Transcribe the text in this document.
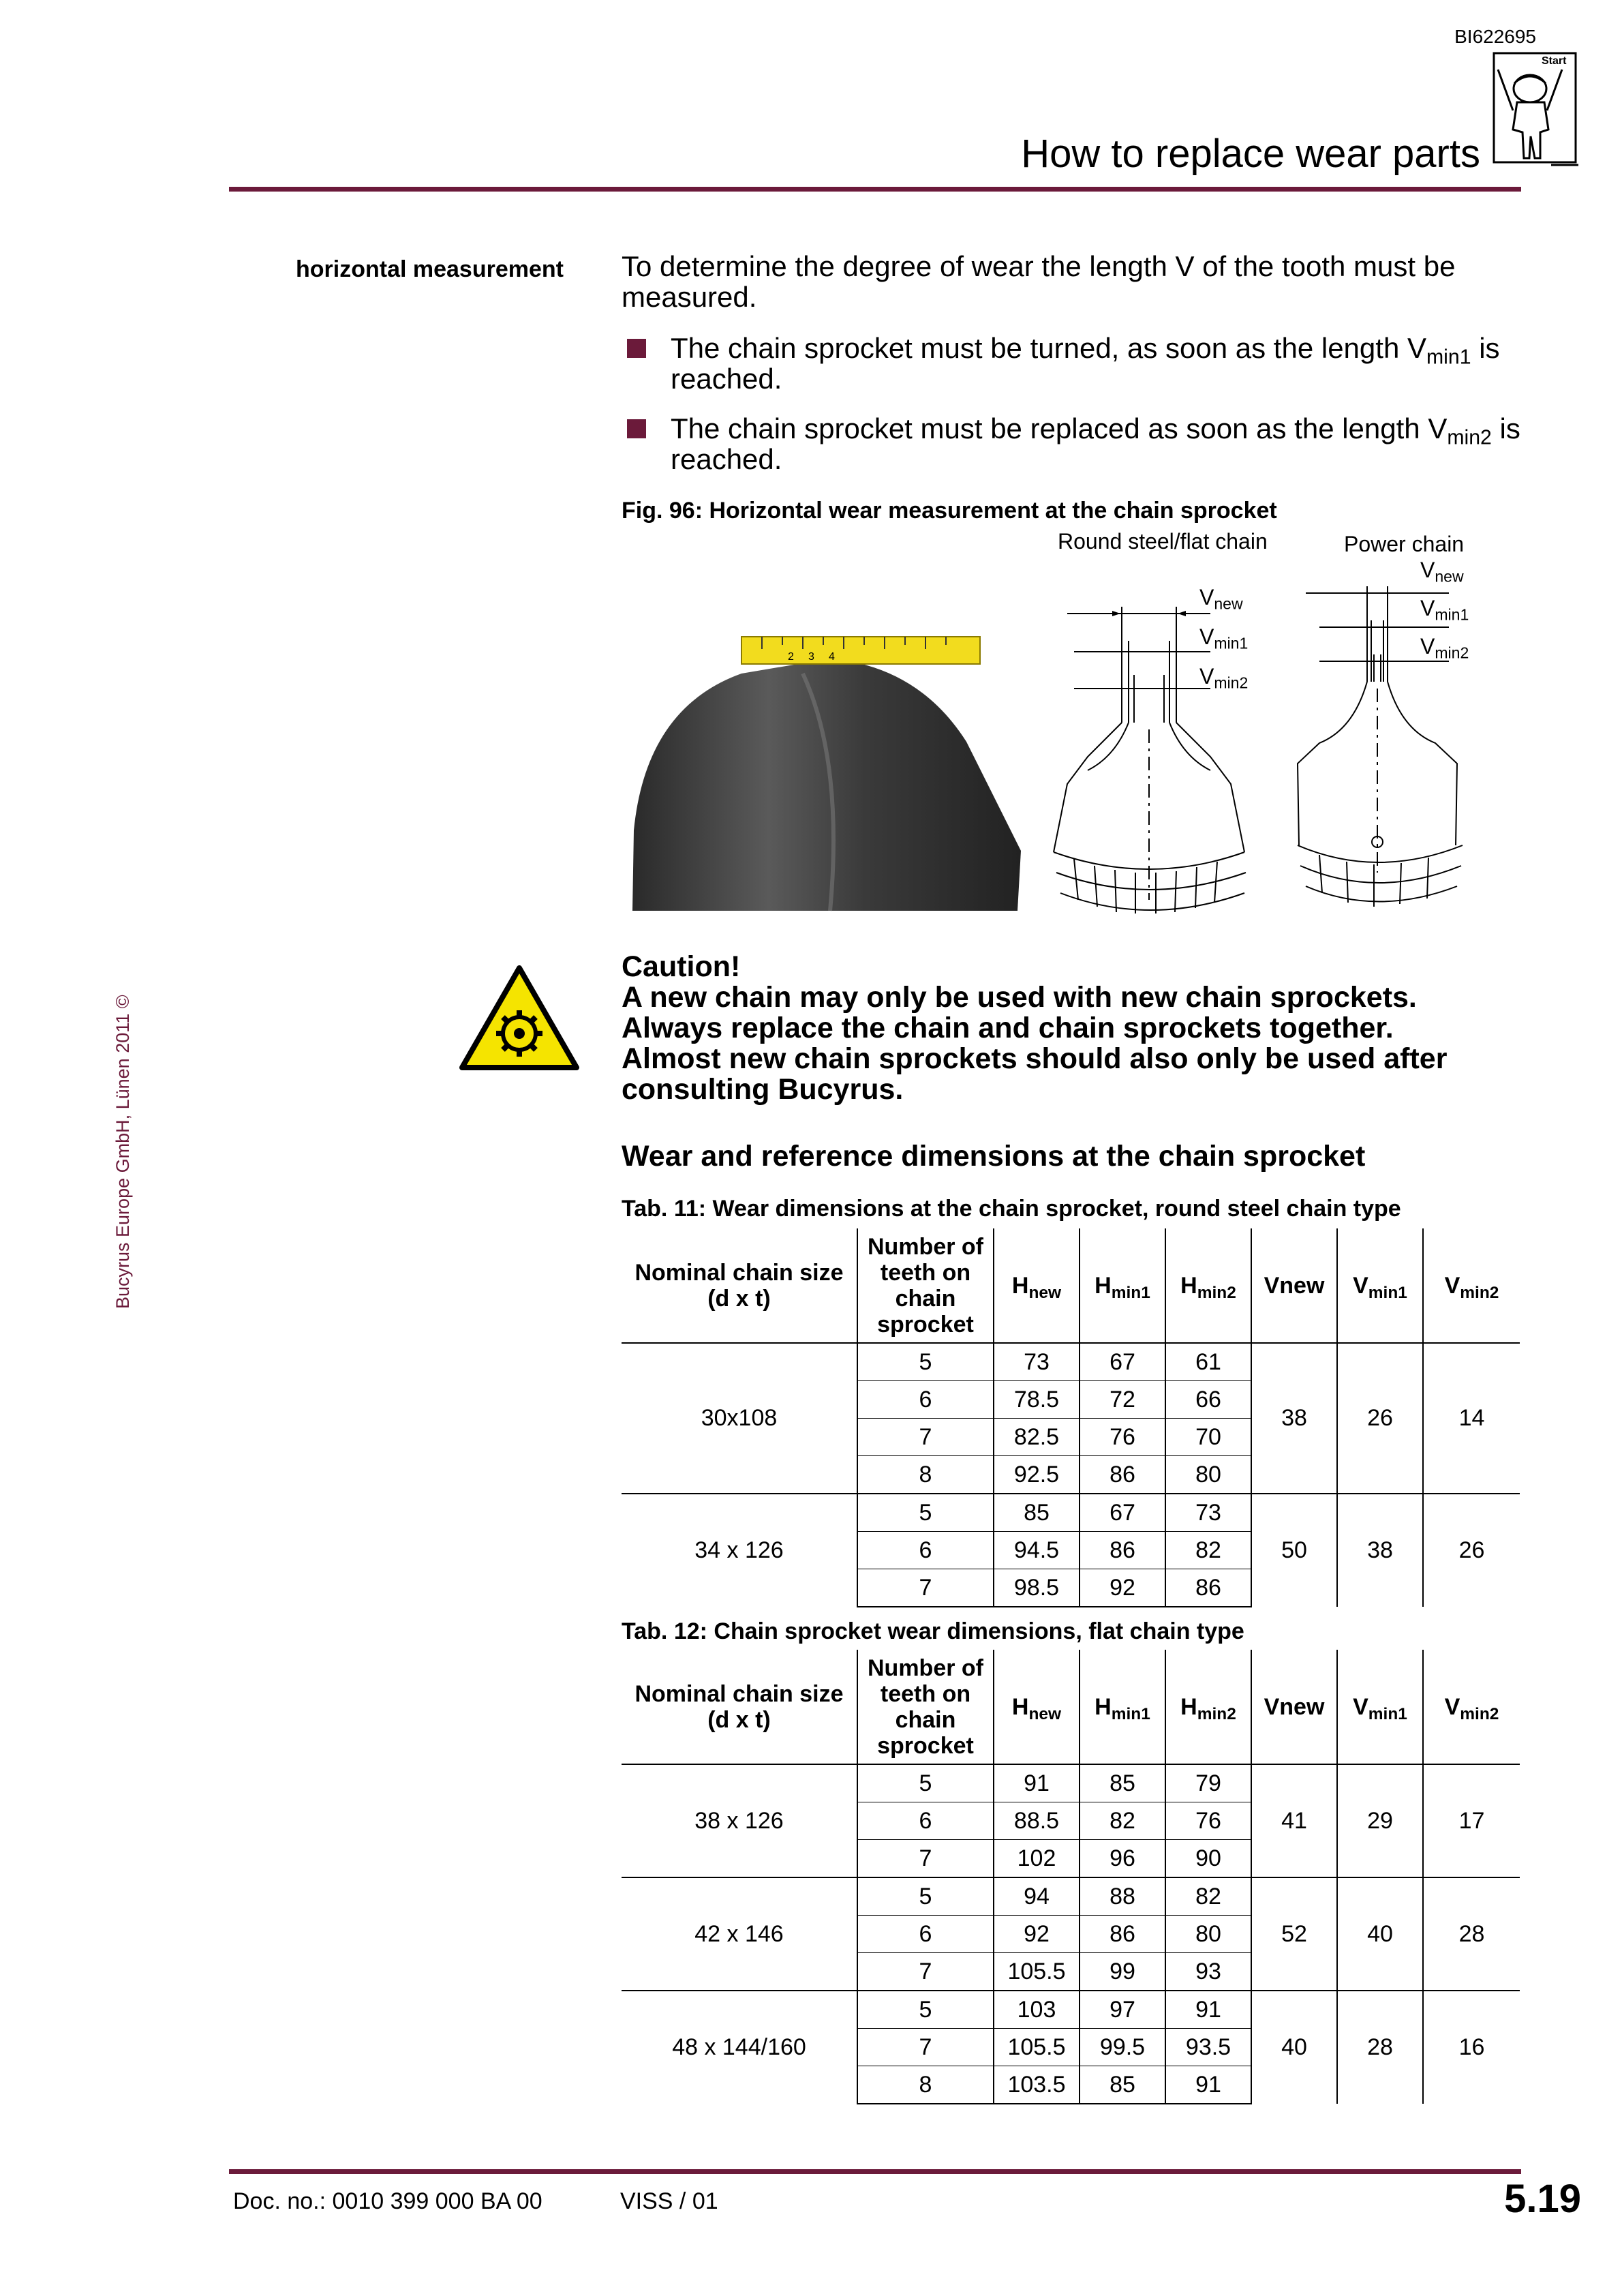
BI622695
How to replace wear parts
Start
horizontal measurement
Bucyrus Europe GmbH, Lünen 2011 ©
To determine the degree of wear the length V of the tooth must be measured.
The chain sprocket must be turned, as soon as the length $V_{min1}$ is reached.
The chain sprocket must be replaced as soon as the length $V_{min2}$ is reached.
Fig. 96: Horizontal wear measurement at the chain sprocket
Round steel/flat chain	Power chain
2 3 4
$V_{new}$
$V_{min1}$
$V_{min2}$
$V_{new}$
$V_{min1}$
$V_{min2}$
Caution!
A new chain may only be used with new chain sprockets.
Always replace the chain and chain sprockets together.
Almost new chain sprockets should also only be used after consulting Bucyrus.
Wear and reference dimensions at the chain sprocket
Tab. 11: Wear dimensions at the chain sprocket, round steel chain type
Nominal chain size (d x t)	Number of teeth on chain sprocket	$H_{new}$	$H_{min1}$	$H_{min2}$	Vnew	$V_{min1}$	$V_{min2}$
30x108	5	73	67	61	38	26	14
	6	78.5	72	66			
	7	82.5	76	70			
	8	92.5	86	80			
34 x 126	5	85	67	73	50	38	26
	6	94.5	86	82			
	7	98.5	92	86			
Tab. 12: Chain sprocket wear dimensions, flat chain type
Nominal chain size (d x t)	Number of teeth on chain sprocket	$H_{new}$	$H_{min1}$	$H_{min2}$	Vnew	$V_{min1}$	$V_{min2}$
38 x 126	5	91	85	79	41	29	17
	6	88.5	82	76			
	7	102	96	90			
42 x 146	5	94	88	82	52	40	28
	6	92	86	80			
	7	105.5	99	93			
48 x 144/160	5	103	97	91	40	28	16
	7	105.5	99.5	93.5			
	8	103.5	85	91			
Doc. no.: 0010 399 000 BA 00	VISS / 01	5.19
